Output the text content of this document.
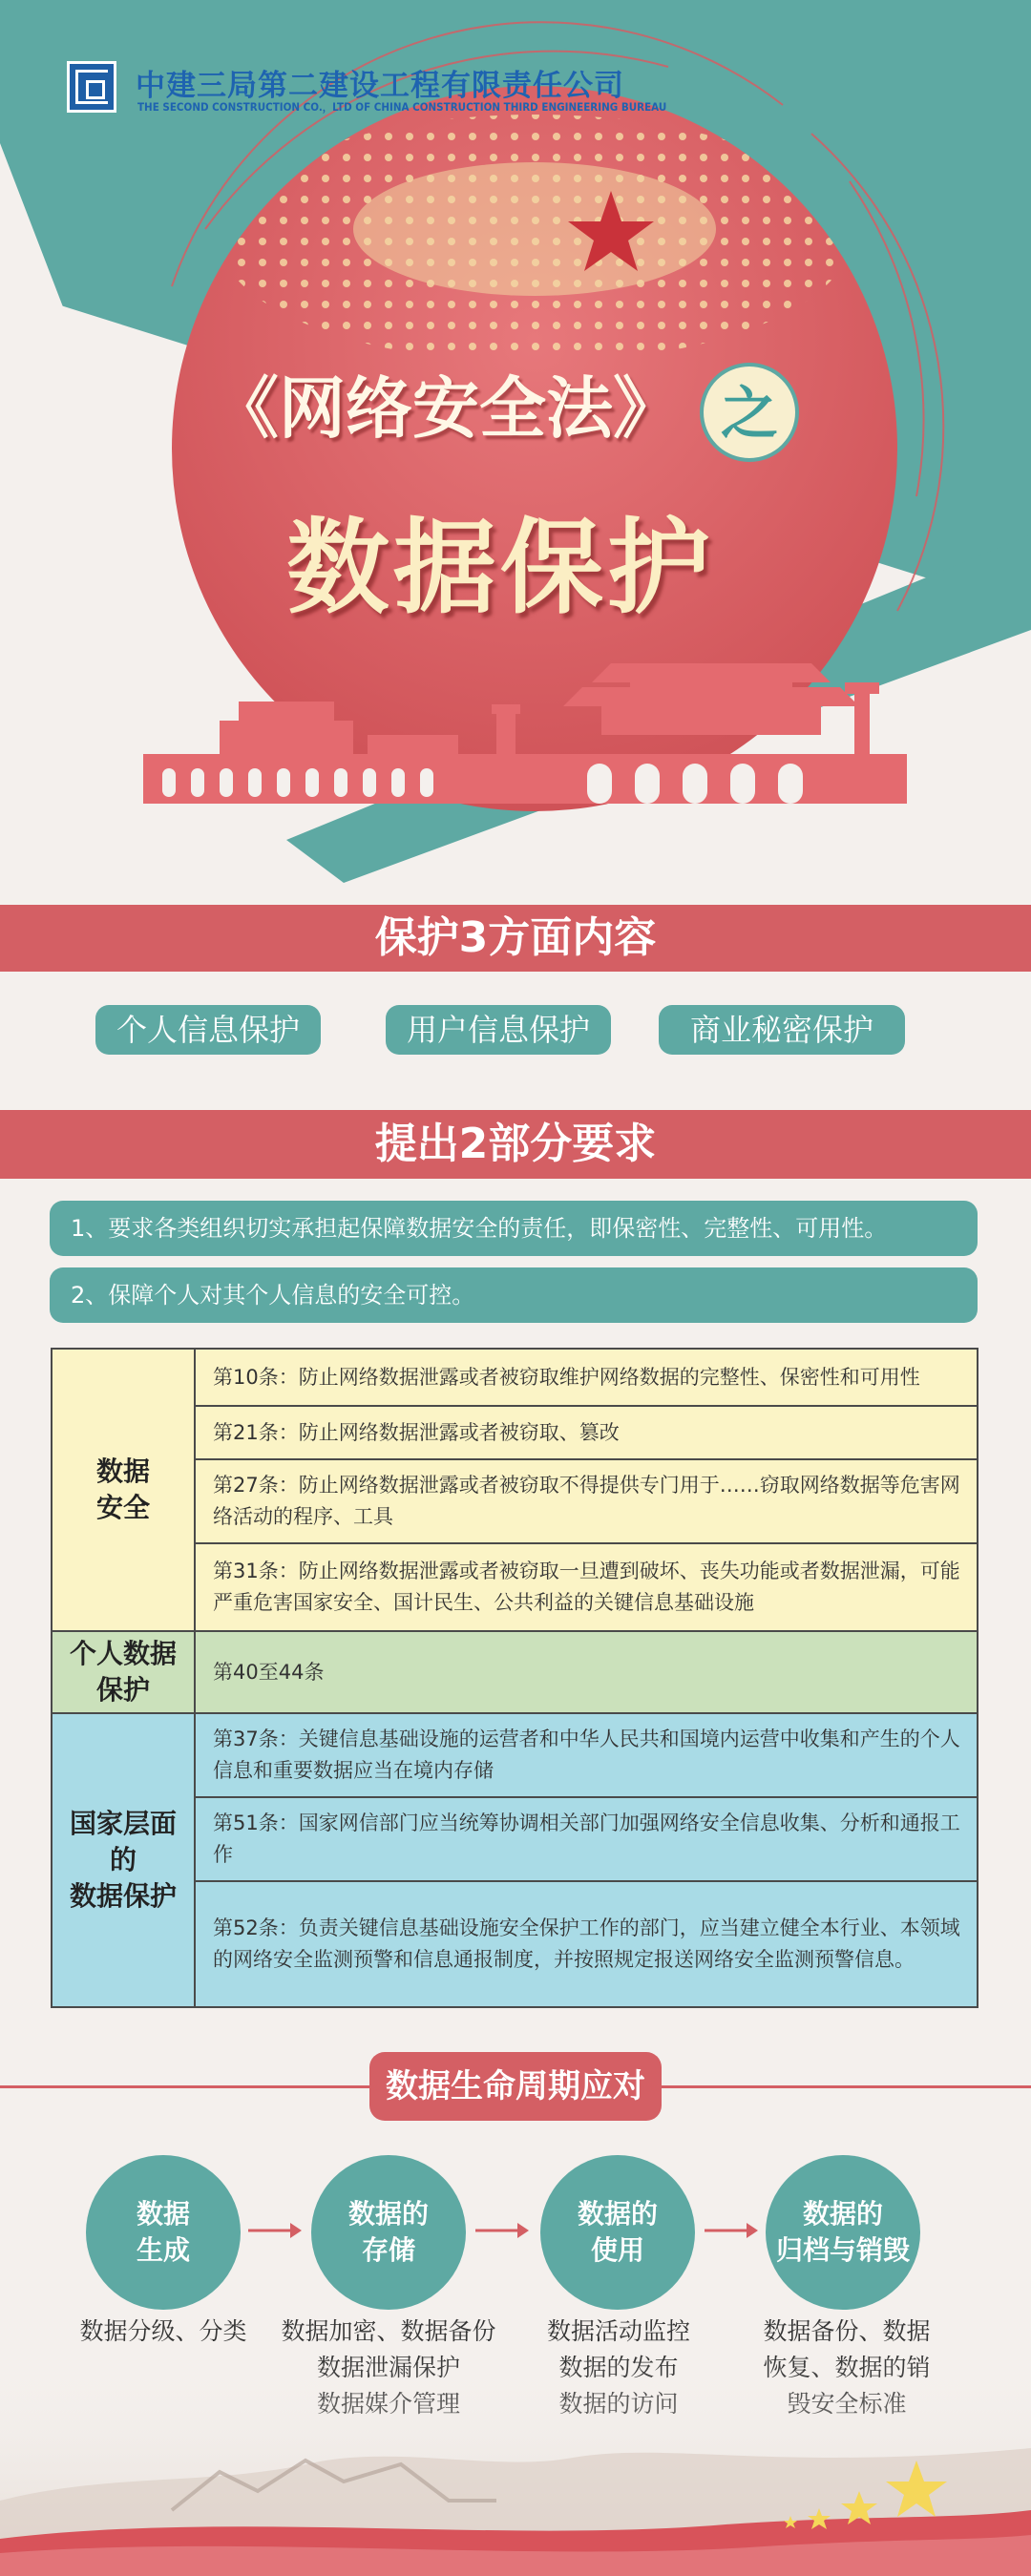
中建三局第二建设工程有限责任公司
THE SECOND CONSTRUCTION CO.，LTD OF CHINA CONSTRUCTION THIRD ENGINEERING BUREAU
《网络安全法》 之
数据保护
保护3方面内容
个人信息保护	用户信息保护	商业秘密保护
提出2部分要求
1、要求各类组织切实承担起保障数据安全的责任，即保密性、完整性、可用性。
2、保障个人对其个人信息的安全可控。
数据
安全	第10条：防止网络数据泄露或者被窃取维护网络数据的完整性、保密性和可用性
	第21条：防止网络数据泄露或者被窃取、篡改
	第27条：防止网络数据泄露或者被窃取不得提供专门用于……窃取网络数据等危害网络活动的程序、工具
	第31条：防止网络数据泄露或者被窃取一旦遭到破坏、丧失功能或者数据泄漏，可能严重危害国家安全、国计民生、公共利益的关键信息基础设施

个人数据
保护	第40至44条

国家层面
的
数据保护	第37条：关键信息基础设施的运营者和中华人民共和国境内运营中收集和产生的个人信息和重要数据应当在境内存储
	第51条：国家网信部门应当统筹协调相关部门加强网络安全信息收集、分析和通报工作
	第52条：负责关键信息基础设施安全保护工作的部门，应当建立健全本行业、本领域的网络安全监测预警和信息通报制度，并按照规定报送网络安全监测预警信息。
数据生命周期应对
数据
生成
数据的
存储
数据的
使用
数据的
归档与销毁
数据分级、分类	数据加密、数据备份	数据活动监控	数据备份、数据
